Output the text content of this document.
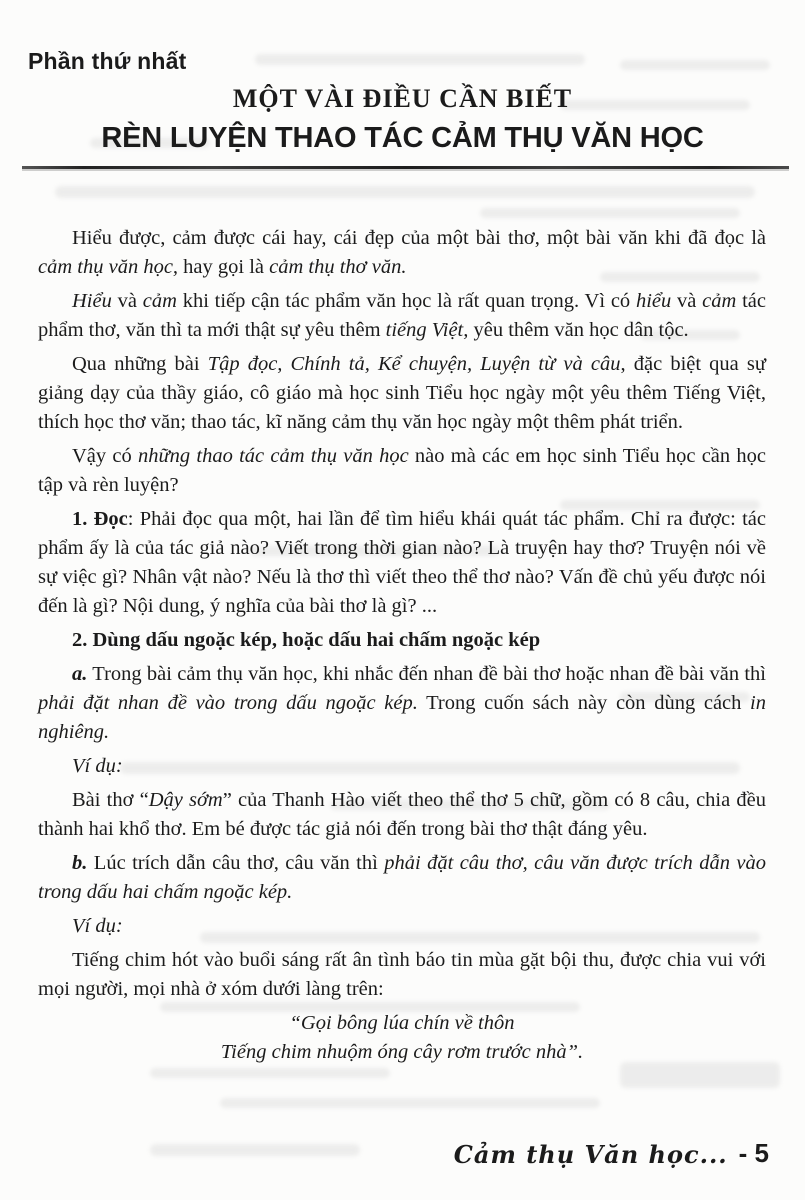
Phần thứ nhất
MỘT VÀI ĐIỀU CẦN BIẾT
RÈN LUYỆN THAO TÁC CẢM THỤ VĂN HỌC

Hiểu được, cảm được cái hay, cái đẹp của một bài thơ, một bài văn khi đã đọc là cảm thụ văn học, hay gọi là cảm thụ thơ văn.

Hiểu và cảm khi tiếp cận tác phẩm văn học là rất quan trọng. Vì có hiểu và cảm tác phẩm thơ, văn thì ta mới thật sự yêu thêm tiếng Việt, yêu thêm văn học dân tộc.

Qua những bài Tập đọc, Chính tả, Kể chuyện, Luyện từ và câu, đặc biệt qua sự giảng dạy của thầy giáo, cô giáo mà học sinh Tiểu học ngày một yêu thêm Tiếng Việt, thích học thơ văn; thao tác, kĩ năng cảm thụ văn học ngày một thêm phát triển.

Vậy có những thao tác cảm thụ văn học nào mà các em học sinh Tiểu học cần học tập và rèn luyện?

1. Đọc: Phải đọc qua một, hai lần để tìm hiểu khái quát tác phẩm. Chỉ ra được: tác phẩm ấy là của tác giả nào? Viết trong thời gian nào? Là truyện hay thơ? Truyện nói về sự việc gì? Nhân vật nào? Nếu là thơ thì viết theo thể thơ nào? Vấn đề chủ yếu được nói đến là gì? Nội dung, ý nghĩa của bài thơ là gì? ...

2. Dùng dấu ngoặc kép, hoặc dấu hai chấm ngoặc kép

a. Trong bài cảm thụ văn học, khi nhắc đến nhan đề bài thơ hoặc nhan đề bài văn thì phải đặt nhan đề vào trong dấu ngoặc kép. Trong cuốn sách này còn dùng cách in nghiêng.

Ví dụ:

Bài thơ “Dậy sớm” của Thanh Hào viết theo thể thơ 5 chữ, gồm có 8 câu, chia đều thành hai khổ thơ. Em bé được tác giả nói đến trong bài thơ thật đáng yêu.

b. Lúc trích dẫn câu thơ, câu văn thì phải đặt câu thơ, câu văn được trích dẫn vào trong dấu hai chấm ngoặc kép.

Ví dụ:

Tiếng chim hót vào buổi sáng rất ân tình báo tin mùa gặt bội thu, được chia vui với mọi người, mọi nhà ở xóm dưới làng trên:

“Gọi bông lúa chín về thôn

Tiếng chim nhuộm óng cây rơm trước nhà”.

Cảm thụ Văn học... - 5
